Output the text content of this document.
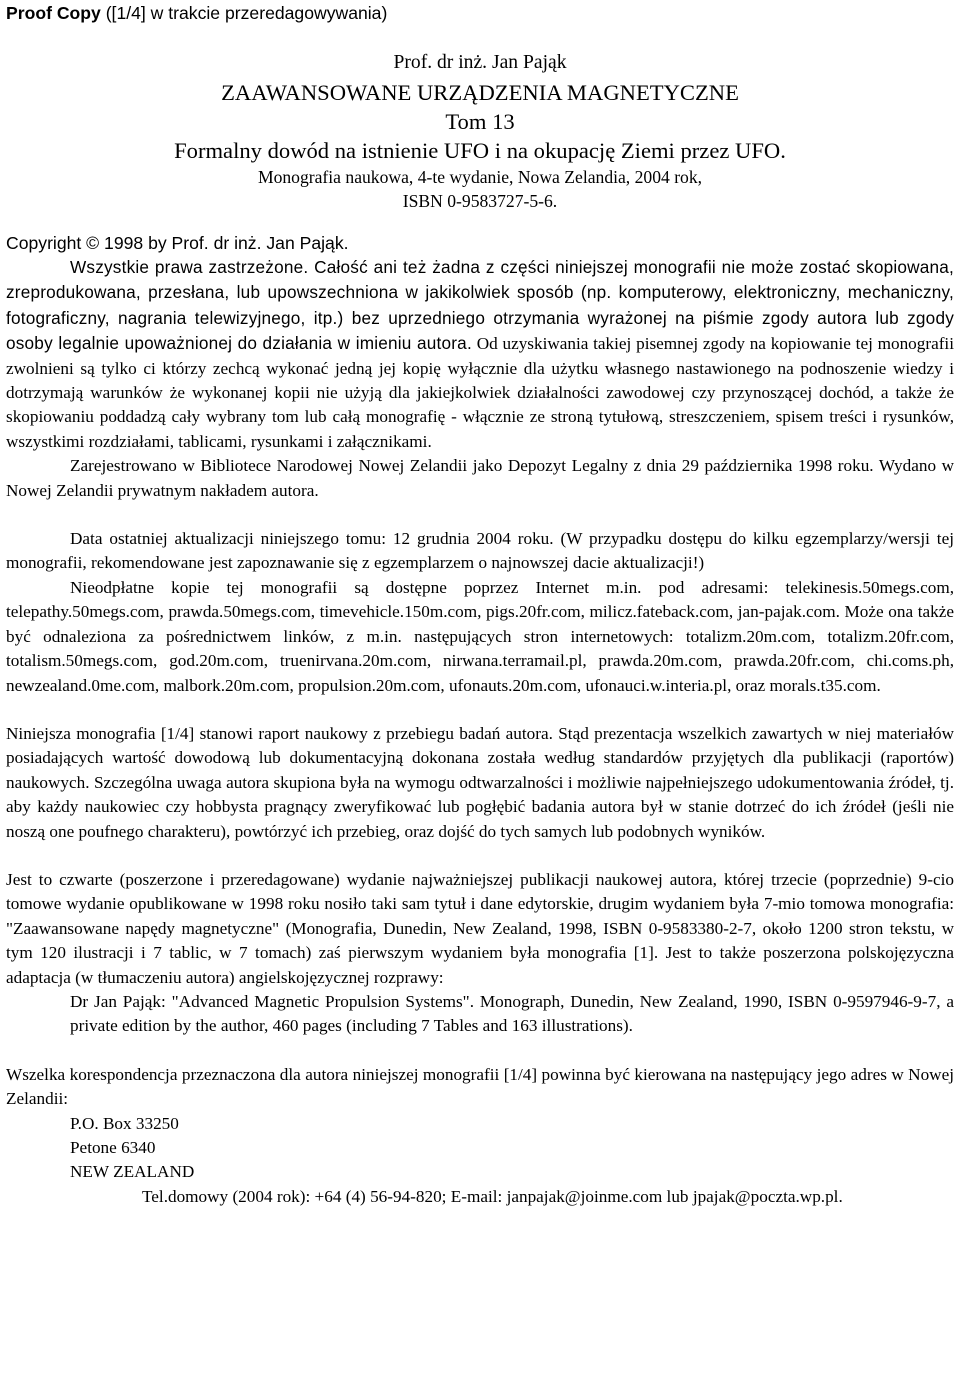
Proof Copy ([1/4] w trakcie przeredagowywania)

Prof. dr inż. Jan Pająk

ZAAWANSOWANE URZĄDZENIA MAGNETYCZNE

Tom 13

Formalny dowód na istnienie UFO i na okupację Ziemi przez UFO.

Monografia naukowa, 4-te wydanie, Nowa Zelandia, 2004 rok,

ISBN 0-9583727-5-6.

Copyright © 1998 by Prof. dr inż. Jan Pająk.

Wszystkie prawa zastrzeżone. Całość ani też żadna z części niniejszej monografii nie może zostać skopiowana, zreprodukowana, przesłana, lub upowszechniona w jakikolwiek sposób (np. komputerowy, elektroniczny, mechaniczny, fotograficzny, nagrania telewizyjnego, itp.) bez uprzedniego otrzymania wyrażonej na piśmie zgody autora lub zgody osoby legalnie upoważnionej do działania w imieniu autora. Od uzyskiwania takiej pisemnej zgody na kopiowanie tej monografii zwolnieni są tylko ci którzy zechcą wykonać jedną jej kopię wyłącznie dla użytku własnego nastawionego na podnoszenie wiedzy i dotrzymają warunków że wykonanej kopii nie użyją dla jakiejkolwiek działalności zawodowej czy przynoszącej dochód, a także że skopiowaniu poddadzą cały wybrany tom lub całą monografię - włącznie ze stroną tytułową, streszczeniem, spisem treści i rysunków, wszystkimi rozdziałami, tablicami, rysunkami i załącznikami.

Zarejestrowano w Bibliotece Narodowej Nowej Zelandii jako Depozyt Legalny z dnia 29 października 1998 roku. Wydano w Nowej Zelandii prywatnym nakładem autora.

Data ostatniej aktualizacji niniejszego tomu: 12 grudnia 2004 roku. (W przypadku dostępu do kilku egzemplarzy/wersji tej monografii, rekomendowane jest zapoznawanie się z egzemplarzem o najnowszej dacie aktualizacji!)

Nieodpłatne kopie tej monografii są dostępne poprzez Internet m.in. pod adresami: telekinesis.50megs.com, telepathy.50megs.com, prawda.50megs.com, timevehicle.150m.com, pigs.20fr.com, milicz.fateback.com, jan-pajak.com. Może ona także być odnaleziona za pośrednictwem linków, z m.in. następujących stron internetowych: totalizm.20m.com, totalizm.20fr.com, totalism.50megs.com, god.20m.com, truenirvana.20m.com, nirwana.terramail.pl, prawda.20m.com, prawda.20fr.com, chi.coms.ph, newzealand.0me.com, malbork.20m.com, propulsion.20m.com, ufonauts.20m.com, ufonauci.w.interia.pl, oraz morals.t35.com.

Niniejsza monografia [1/4] stanowi raport naukowy z przebiegu badań autora. Stąd prezentacja wszelkich zawartych w niej materiałów posiadających wartość dowodową lub dokumentacyjną dokonana została według standardów przyjętych dla publikacji (raportów) naukowych. Szczególna uwaga autora skupiona była na wymogu odtwarzalności i możliwie najpełniejszego udokumentowania źródeł, tj. aby każdy naukowiec czy hobbysta pragnący zweryfikować lub pogłębić badania autora był w stanie dotrzeć do ich źródeł (jeśli nie noszą one poufnego charakteru), powtórzyć ich przebieg, oraz dojść do tych samych lub podobnych wyników.

Jest to czwarte (poszerzone i przeredagowane) wydanie najważniejszej publikacji naukowej autora, której trzecie (poprzednie) 9-cio tomowe wydanie opublikowane w 1998 roku nosiło taki sam tytuł i dane edytorskie, drugim wydaniem była 7-mio tomowa monografia: "Zaawansowane napędy magnetyczne" (Monografia, Dunedin, New Zealand, 1998, ISBN 0-9583380-2-7, około 1200 stron tekstu, w tym 120 ilustracji i 7 tablic, w 7 tomach) zaś pierwszym wydaniem była monografia [1]. Jest to także poszerzona polskojęzyczna adaptacja (w tłumaczeniu autora) angielskojęzycznej rozprawy:

Dr Jan Pająk: "Advanced Magnetic Propulsion Systems". Monograph, Dunedin, New Zealand, 1990, ISBN 0-9597946-9-7, a private edition by the author, 460 pages (including 7 Tables and 163 illustrations).

Wszelka korespondencja przeznaczona dla autora niniejszej monografii [1/4] powinna być kierowana na następujący jego adres w Nowej Zelandii:

P.O. Box 33250

Petone 6340

NEW ZEALAND

Tel.domowy (2004 rok): +64 (4) 56-94-820; E-mail: janpajak@joinme.com lub jpajak@poczta.wp.pl.
